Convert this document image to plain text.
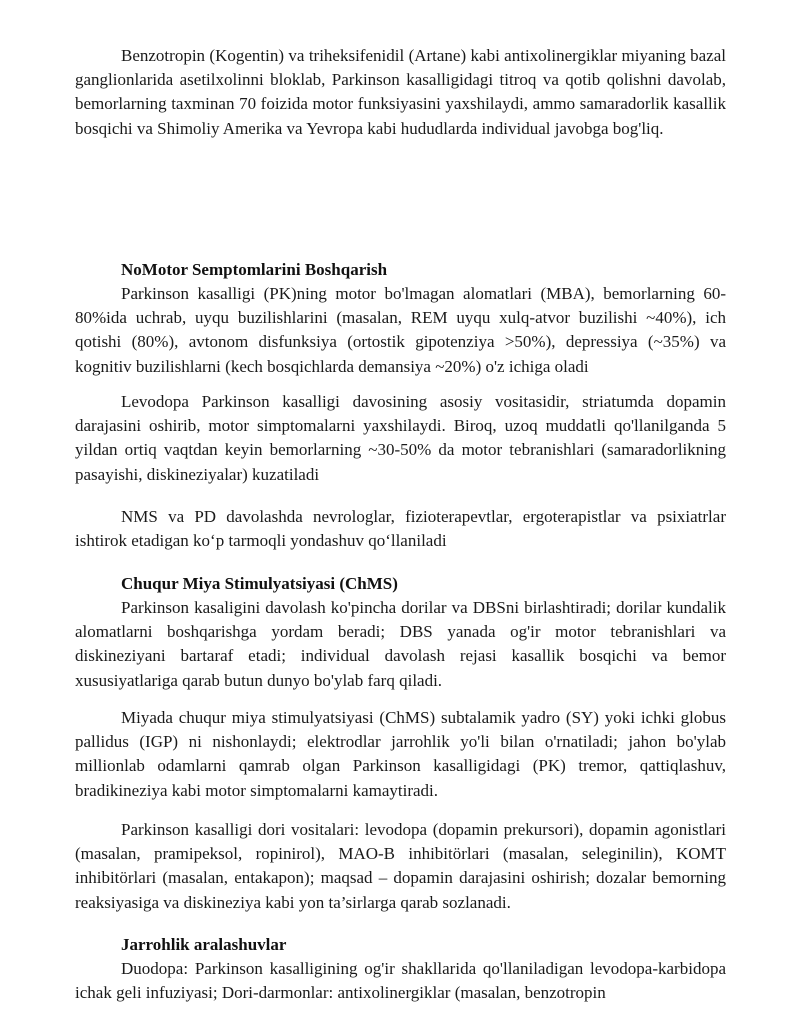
Benzotropin (Kogentin) va triheksifenidil (Artane) kabi antixolinergiklar miyaning bazal ganglionlarida asetilxolinni bloklab, Parkinson kasalligidagi titroq va qotib qolishni davolab, bemorlarning taxminan 70 foizida motor funksiyasini yaxshilaydi, ammo samaradorlik kasallik bosqichi va Shimoliy Amerika va Yevropa kabi hududlarda individual javobga bog'liq.

NoMotor Semptomlarini Boshqarish

Parkinson kasalligi (PK)ning motor bo'lmagan alomatlari (MBA), bemorlarning 60-80%ida uchrab, uyqu buzilishlarini (masalan, REM uyqu xulq-atvor buzilishi ~40%), ich qotishi (80%), avtonom disfunksiya (ortostik gipotenziya >50%), depressiya (~35%) va kognitiv buzilishlarni (kech bosqichlarda demansiya ~20%) o'z ichiga oladi

Levodopa Parkinson kasalligi davosining asosiy vositasidir, striatumda dopamin darajasini oshirib, motor simptomalarni yaxshilaydi. Biroq, uzoq muddatli qo'llanilganda 5 yildan ortiq vaqtdan keyin bemorlarning ~30-50% da motor tebranishlari (samaradorlikning pasayishi, diskineziyalar) kuzatiladi

NMS va PD davolashda nevrologlar, fizioterapevtlar, ergoterapistlar va psixiatrlar ishtirok etadigan ko‘p tarmoqli yondashuv qo‘llaniladi

Chuqur Miya Stimulyatsiyasi (ChMS)

Parkinson kasaligini davolash ko'pincha dorilar va DBSni birlashtiradi; dorilar kundalik alomatlarni boshqarishga yordam beradi; DBS yanada og'ir motor tebranishlari va diskineziyani bartaraf etadi; individual davolash rejasi kasallik bosqichi va bemor xususiyatlariga qarab butun dunyo bo'ylab farq qiladi.

Miyada chuqur miya stimulyatsiyasi (ChMS) subtalamik yadro (SY) yoki ichki globus pallidus (IGP) ni nishonlaydi; elektrodlar jarrohlik yo'li bilan o'rnatiladi; jahon bo'ylab millionlab odamlarni qamrab olgan Parkinson kasalligidagi (PK) tremor, qattiqlashuv, bradikineziya kabi motor simptomalarni kamaytiradi.

Parkinson kasalligi dori vositalari: levodopa (dopamin prekursori), dopamin agonistlari (masalan, pramipeksol, ropinirol), MAO-B inhibitörlari (masalan, seleginilin), KOMT inhibitörlari (masalan, entakapon); maqsad – dopamin darajasini oshirish; dozalar bemorning reaksiyasiga va diskineziya kabi yon ta’sirlarga qarab sozlanadi.

Jarrohlik aralashuvlar

Duodopa: Parkinson kasalligining og'ir shakllarida qo'llaniladigan levodopa-karbidopa ichak geli infuziyasi; Dori-darmonlar: antixolinergiklar (masalan, benzotropin
